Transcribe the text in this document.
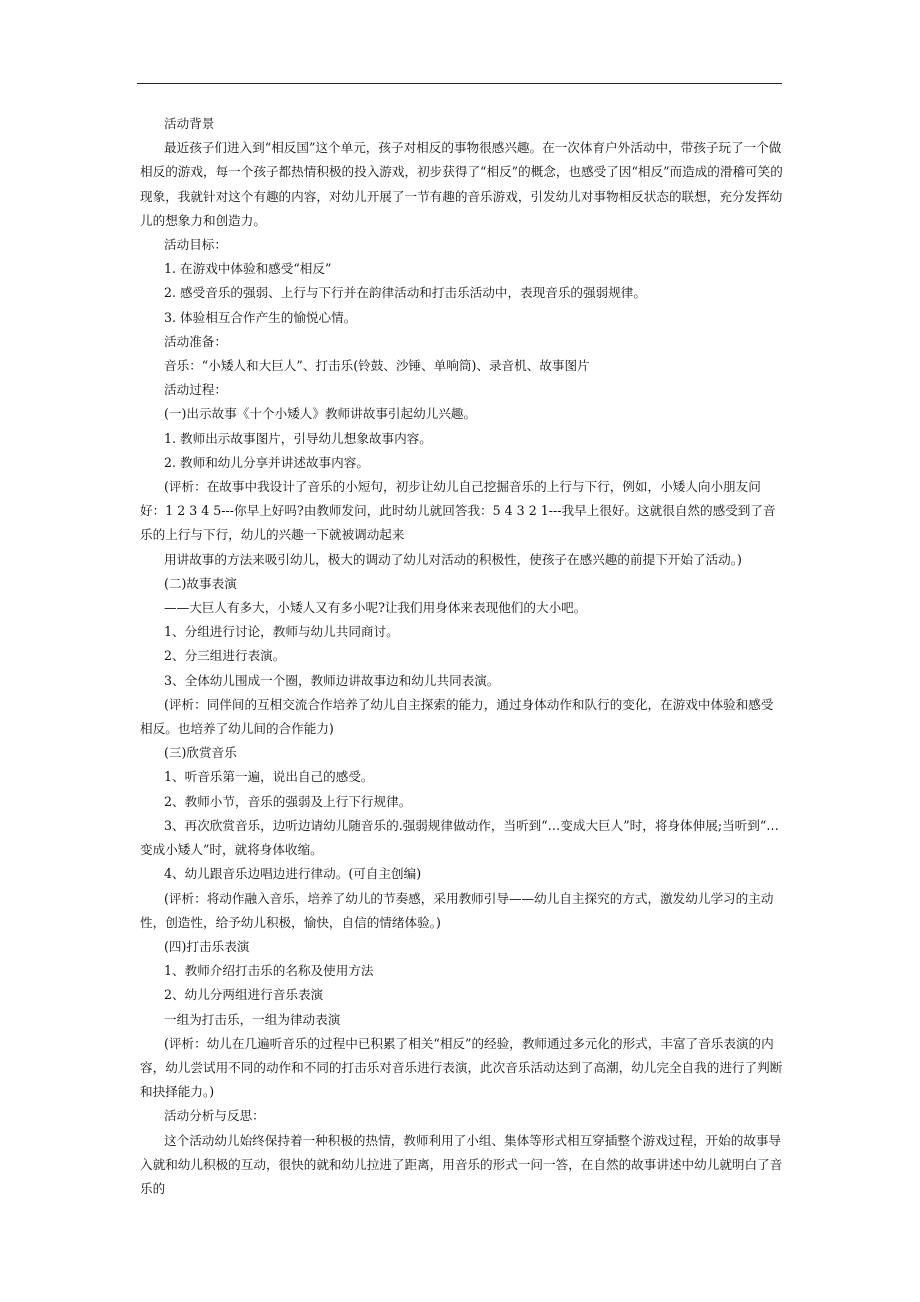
活动背景

最近孩子们进入到“相反国”这个单元，孩子对相反的事物很感兴趣。在一次体育户外活动中，带孩子玩了一个做相反的游戏，每一个孩子都热情积极的投入游戏，初步获得了“相反”的概念，也感受了因“相反”而造成的滑稽可笑的现象，我就针对这个有趣的内容，对幼儿开展了一节有趣的音乐游戏，引发幼儿对事物相反状态的联想，充分发挥幼儿的想象力和创造力。

活动目标：

1. 在游戏中体验和感受“相反”

2. 感受音乐的强弱、上行与下行并在韵律活动和打击乐活动中，表现音乐的强弱规律。

3. 体验相互合作产生的愉悦心情。

活动准备：

音乐：“小矮人和大巨人”、打击乐(铃鼓、沙锤、单响筒)、录音机、故事图片

活动过程：

(一)出示故事《十个小矮人》教师讲故事引起幼儿兴趣。

1. 教师出示故事图片，引导幼儿想象故事内容。

2. 教师和幼儿分享并讲述故事内容。

(评析：在故事中我设计了音乐的小短句，初步让幼儿自己挖掘音乐的上行与下行，例如，小矮人向小朋友问好：1 2 3 4 5---你早上好吗?由教师发问，此时幼儿就回答我：5 4 3 2 1---我早上很好。这就很自然的感受到了音乐的上行与下行，幼儿的兴趣一下就被调动起来

用讲故事的方法来吸引幼儿，极大的调动了幼儿对活动的积极性，使孩子在感兴趣的前提下开始了活动。)

(二)故事表演

——大巨人有多大，小矮人又有多小呢?让我们用身体来表现他们的大小吧。

1、分组进行讨论，教师与幼儿共同商讨。

2、分三组进行表演。

3、全体幼儿围成一个圈，教师边讲故事边和幼儿共同表演。

(评析：同伴间的互相交流合作培养了幼儿自主探索的能力，通过身体动作和队行的变化，在游戏中体验和感受相反。也培养了幼儿间的合作能力)

(三)欣赏音乐

1、听音乐第一遍，说出自己的感受。

2、教师小节，音乐的强弱及上行下行规律。

3、再次欣赏音乐，边听边请幼儿随音乐的.强弱规律做动作，当听到“…变成大巨人”时，将身体伸展;当听到“…变成小矮人”时，就将身体收缩。

4、幼儿跟音乐边唱边进行律动。(可自主创编)

(评析：将动作融入音乐，培养了幼儿的节奏感，采用教师引导——幼儿自主探究的方式，激发幼儿学习的主动性，创造性，给予幼儿积极，愉快，自信的情绪体验。)

(四)打击乐表演

1、教师介绍打击乐的名称及使用方法

2、幼儿分两组进行音乐表演

一组为打击乐，一组为律动表演

(评析：幼儿在几遍听音乐的过程中已积累了相关“相反”的经验，教师通过多元化的形式，丰富了音乐表演的内容，幼儿尝试用不同的动作和不同的打击乐对音乐进行表演，此次音乐活动达到了高潮，幼儿完全自我的进行了判断和抉择能力。)

活动分析与反思：

这个活动幼儿始终保持着一种积极的热情，教师利用了小组、集体等形式相互穿插整个游戏过程，开始的故事导入就和幼儿积极的互动，很快的就和幼儿拉进了距离，用音乐的形式一问一答，在自然的故事讲述中幼儿就明白了音乐的
